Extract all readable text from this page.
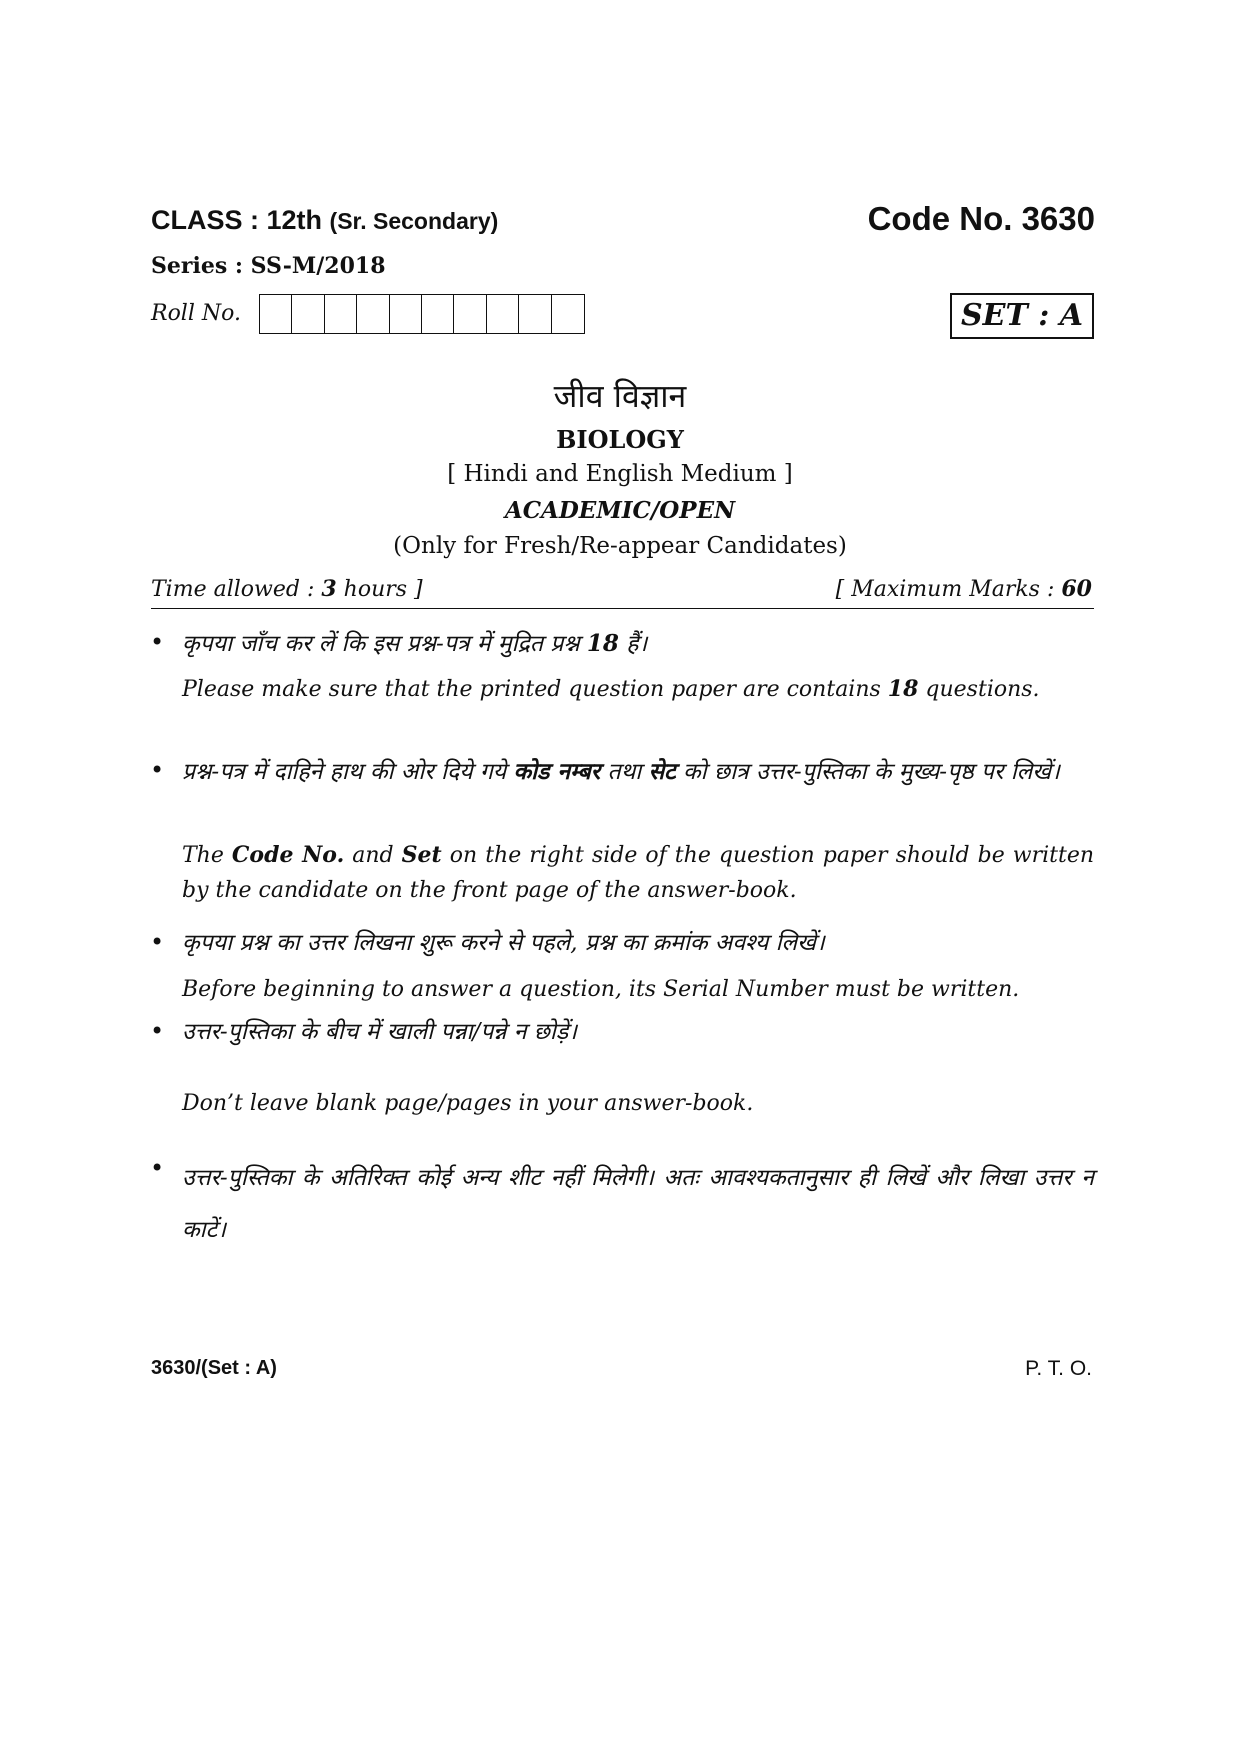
CLASS : 12th (Sr. Secondary)	Code No. 3630
Series : SS-M/2018
Roll No.	SET : A
जीव विज्ञान
BIOLOGY
[ Hindi and English Medium ]
ACADEMIC/OPEN
(Only for Fresh/Re-appear Candidates)
Time allowed : 3 hours ]	[ Maximum Marks : 60
• कृपया जाँच कर लें कि इस प्रश्न-पत्र में मुद्रित प्रश्न 18 हैं।
Please make sure that the printed question paper are contains 18 questions.
• प्रश्न-पत्र में दाहिने हाथ की ओर दिये गये कोड नम्बर तथा सेट को छात्र उत्तर-पुस्तिका के मुख्य-पृष्ठ पर लिखें।
The Code No. and Set on the right side of the question paper should be written by the candidate on the front page of the answer-book.
• कृपया प्रश्न का उत्तर लिखना शुरू करने से पहले, प्रश्न का क्रमांक अवश्य लिखें।
Before beginning to answer a question, its Serial Number must be written.
• उत्तर-पुस्तिका के बीच में खाली पन्ना/पन्ने न छोड़ें।
Don’t leave blank page/pages in your answer-book.
• उत्तर-पुस्तिका के अतिरिक्त कोई अन्य शीट नहीं मिलेगी। अतः आवश्यकतानुसार ही लिखें और लिखा उत्तर न काटें।
3630/(Set : A)	P. T. O.
